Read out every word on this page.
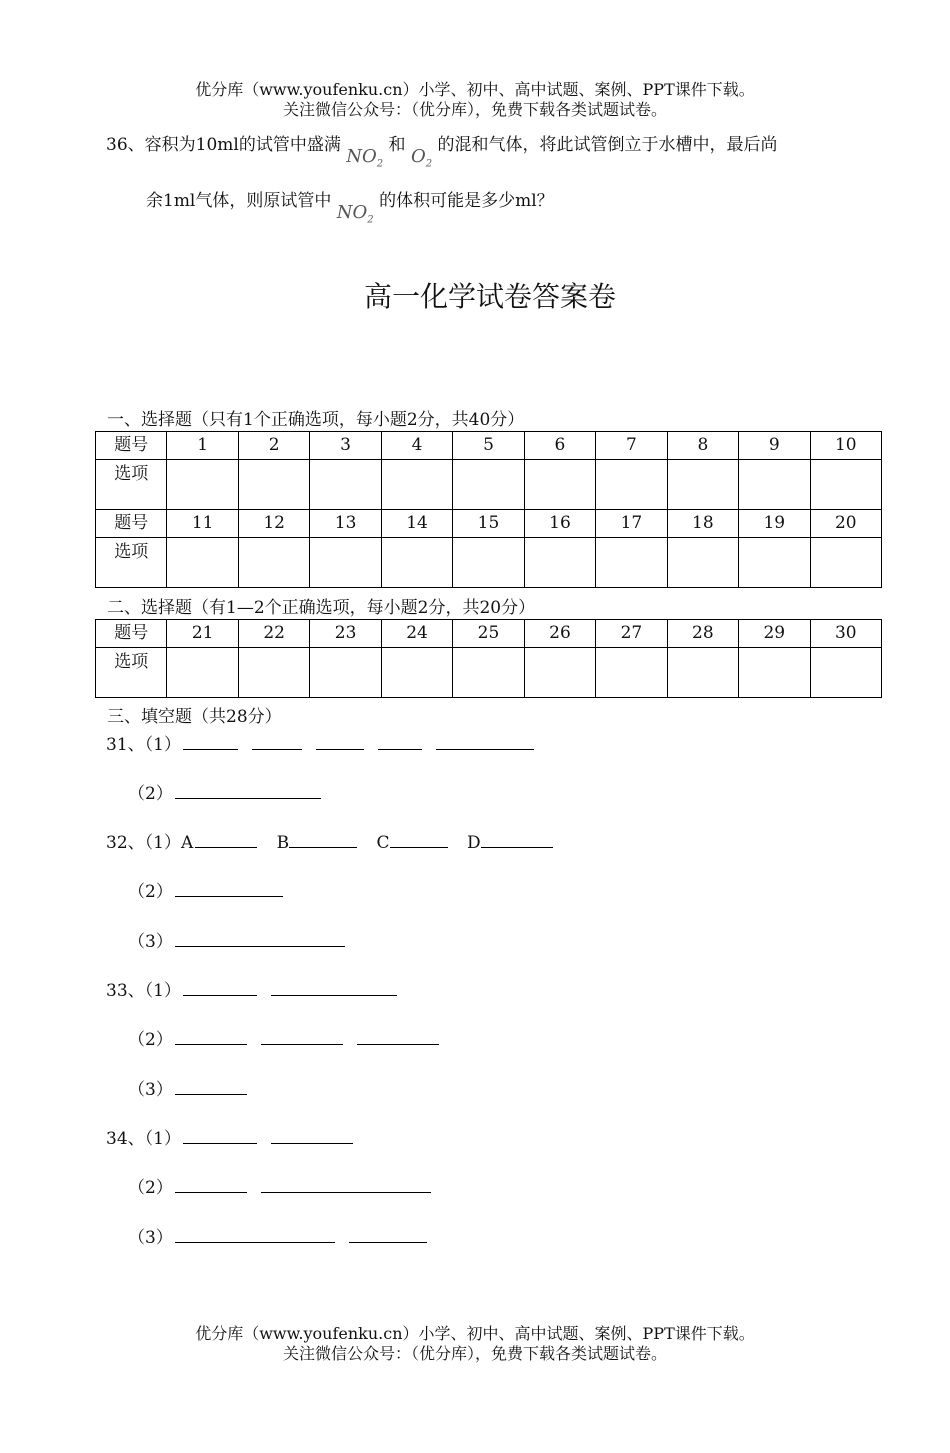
优分库（www.youfenku.cn）小学、初中、高中试题、案例、PPT课件下载。
关注微信公众号：（优分库），免费下载各类试题试卷。
36、容积为10ml的试管中盛满 $NO_2$ 和 $O_2$ 的混和气体，将此试管倒立于水槽中，最后尚
余1ml气体，则原试管中 $NO_2$ 的体积可能是多少ml？
高一化学试卷答案卷
一、选择题（只有1个正确选项，每小题2分，共40分）
题号	1	2	3	4	5	6	7	8	9	10
选项										
题号	11	12	13	14	15	16	17	18	19	20
选项										
二、选择题（有1—2个正确选项，每小题2分，共20分）
题号	21	22	23	24	25	26	27	28	29	30
选项										
三、填空题（共28分）
31、（1）
（2）
32、（1）A	B	C	D
（2）
（3）
33、（1）
（2）
（3）
34、（1）
（2）
（3）
优分库（www.youfenku.cn）小学、初中、高中试题、案例、PPT课件下载。
关注微信公众号：（优分库），免费下载各类试题试卷。
